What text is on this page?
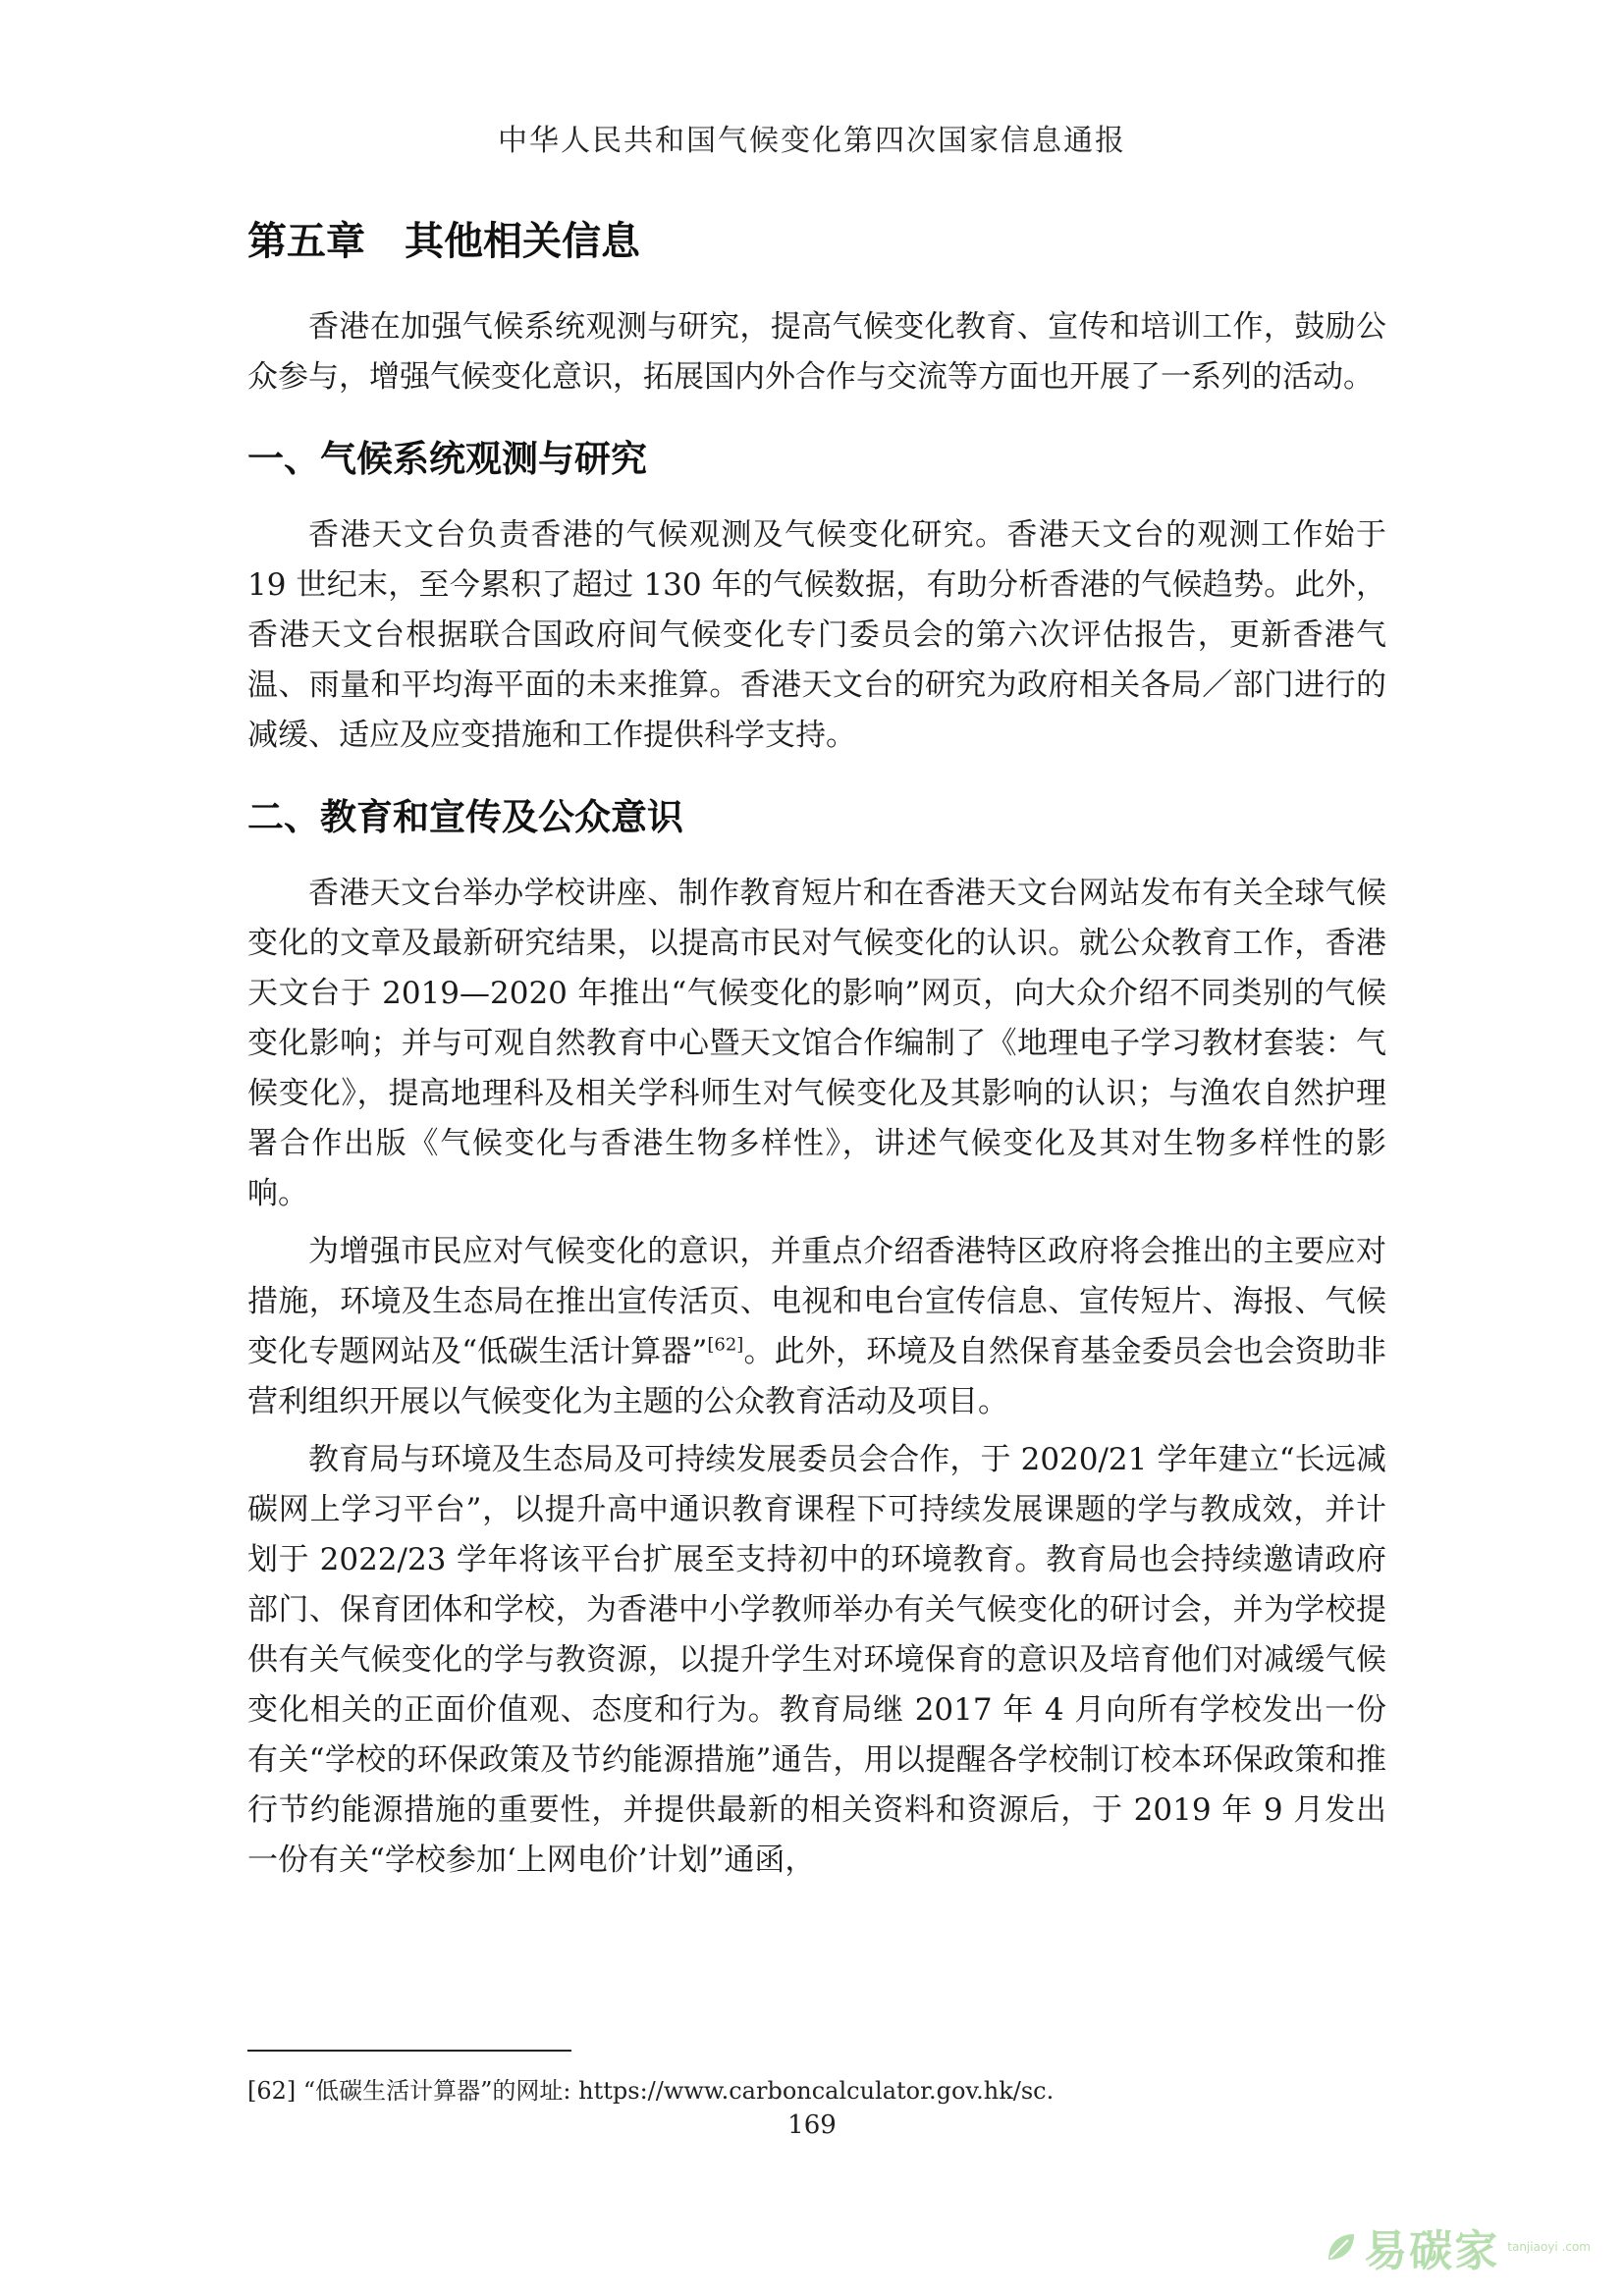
中华人民共和国气候变化第四次国家信息通报
第五章　其他相关信息

香港在加强气候系统观测与研究，提高气候变化教育、宣传和培训工作，鼓励公众参与，增强气候变化意识，拓展国内外合作与交流等方面也开展了一系列的活动。

一、气候系统观测与研究

香港天文台负责香港的气候观测及气候变化研究。香港天文台的观测工作始于 19 世纪末，至今累积了超过 130 年的气候数据，有助分析香港的气候趋势。此外，香港天文台根据联合国政府间气候变化专门委员会的第六次评估报告，更新香港气温、雨量和平均海平面的未来推算。香港天文台的研究为政府相关各局／部门进行的减缓、适应及应变措施和工作提供科学支持。

二、教育和宣传及公众意识

香港天文台举办学校讲座、制作教育短片和在香港天文台网站发布有关全球气候变化的文章及最新研究结果，以提高市民对气候变化的认识。就公众教育工作，香港天文台于 2019—2020 年推出“气候变化的影响”网页，向大众介绍不同类别的气候变化影响；并与可观自然教育中心暨天文馆合作编制了《地理电子学习教材套装：气候变化》，提高地理科及相关学科师生对气候变化及其影响的认识；与渔农自然护理署合作出版《气候变化与香港生物多样性》，讲述气候变化及其对生物多样性的影响。

为增强市民应对气候变化的意识，并重点介绍香港特区政府将会推出的主要应对措施，环境及生态局在推出宣传活页、电视和电台宣传信息、宣传短片、海报、气候变化专题网站及“低碳生活计算器”[62]。此外，环境及自然保育基金委员会也会资助非营利组织开展以气候变化为主题的公众教育活动及项目。

教育局与环境及生态局及可持续发展委员会合作，于 2020/21 学年建立“长远减碳网上学习平台”，以提升高中通识教育课程下可持续发展课题的学与教成效，并计划于 2022/23 学年将该平台扩展至支持初中的环境教育。教育局也会持续邀请政府部门、保育团体和学校，为香港中小学教师举办有关气候变化的研讨会，并为学校提供有关气候变化的学与教资源，以提升学生对环境保育的意识及培育他们对减缓气候变化相关的正面价值观、态度和行为。教育局继 2017 年 4 月向所有学校发出一份有关“学校的环保政策及节约能源措施”通告，用以提醒各学校制订校本环保政策和推行节约能源措施的重要性，并提供最新的相关资料和资源后，于 2019 年 9 月发出一份有关“学校参加‘上网电价’计划”通函，

[62] “低碳生活计算器”的网址: https://www.carboncalculator.gov.hk/sc.
169
易碳家 tanjiaoyi .com
